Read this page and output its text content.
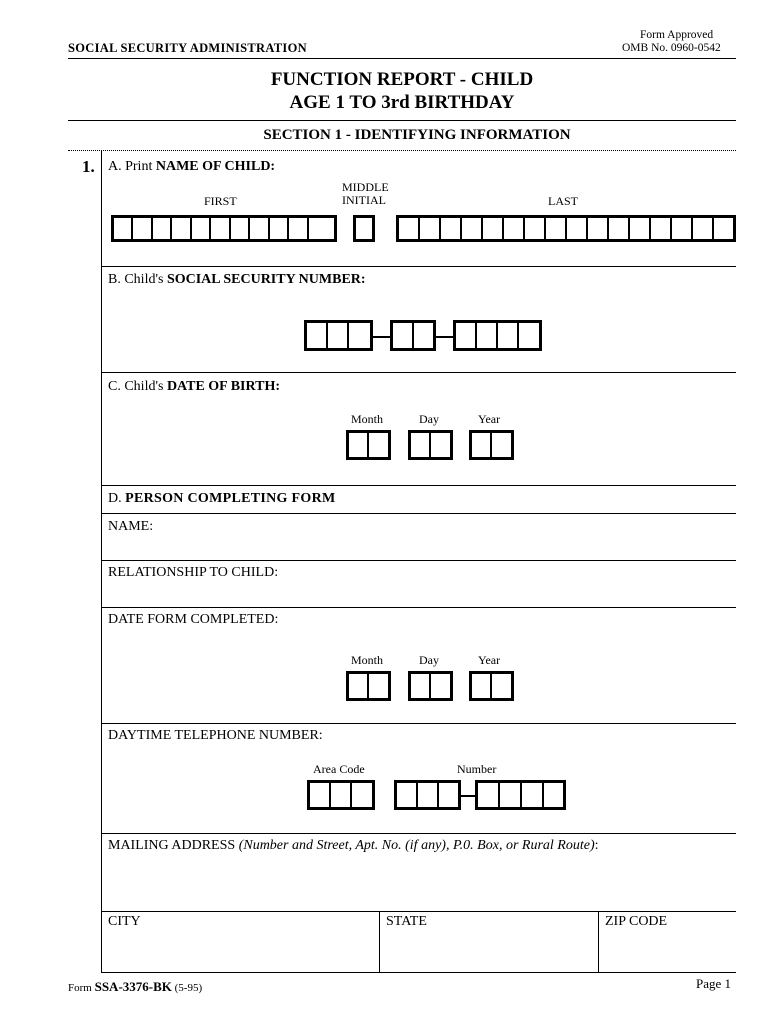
SOCIAL SECURITY ADMINISTRATION
Form Approved
OMB No. 0960-0542
FUNCTION REPORT - CHILD
AGE 1 TO 3rd BIRTHDAY
SECTION 1 - IDENTIFYING INFORMATION
1. A. Print NAME OF CHILD:
FIRST
MIDDLE
INITIAL	LAST
B. Child's SOCIAL SECURITY NUMBER:
C. Child's DATE OF BIRTH:
Month	Day	Year
D. PERSON COMPLETING FORM
NAME:
RELATIONSHIP TO CHILD:
DATE FORM COMPLETED:
Month	Day	Year
DAYTIME TELEPHONE NUMBER:
Area Code	Number
MAILING ADDRESS (Number and Street, Apt. No. (if any), P.0. Box, or Rural Route):
CITY	STATE	ZIP CODE
Form SSA-3376-BK (5-95)	Page 1
